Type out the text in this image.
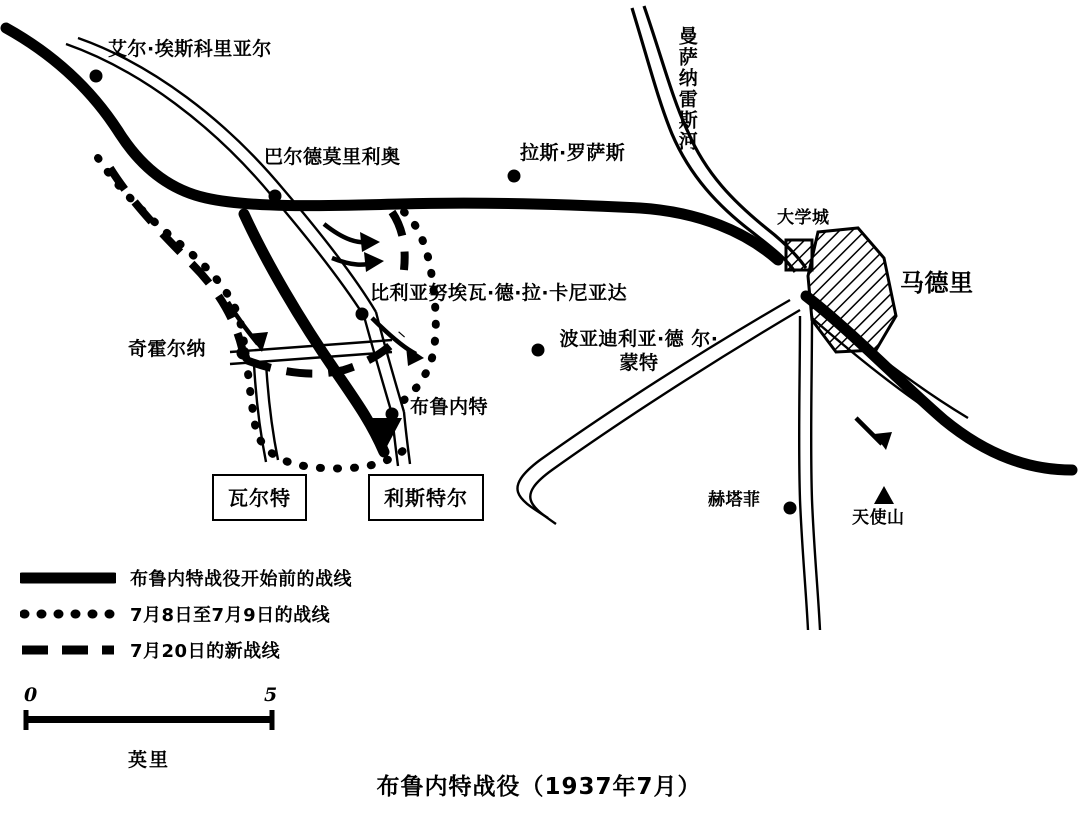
艾尔·埃斯科里亚尔
巴尔德莫里利奥	拉斯·罗萨斯
比利亚努埃瓦·德·拉·卡尼亚达
奇霍尔纳	波亚迪利亚·德 尔·蒙特
布鲁内特
赫塔菲
大学城
马德里
天使山
曼萨纳雷斯河
瓦尔特	利斯特尔
布鲁内特战役开始前的战线
7月8日至7月9日的战线
7月20日的新战线
0	5
英里
布鲁内特战役（1937年7月）
